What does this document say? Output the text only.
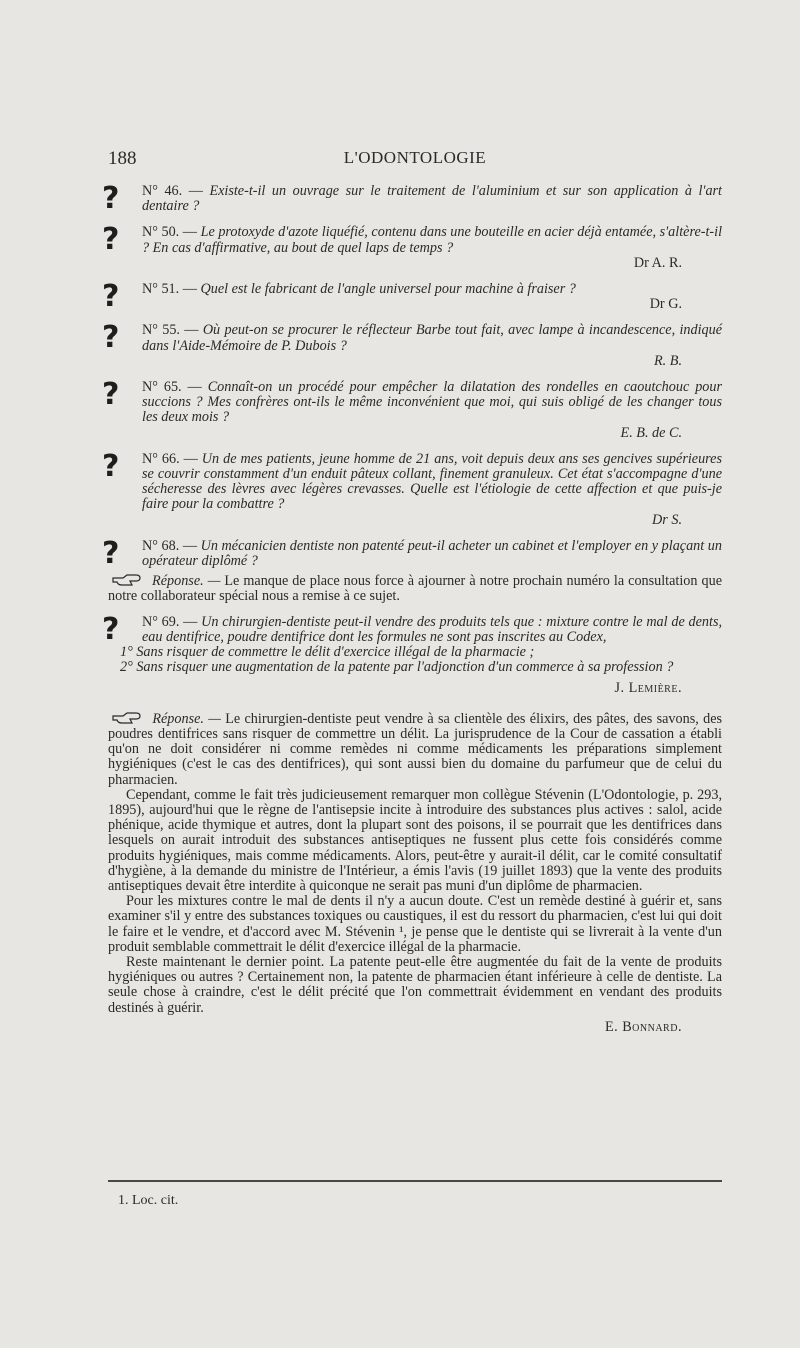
188	L'ODONTOLOGIE
?	N° 46. — Existe-t-il un ouvrage sur le traitement de l'aluminium et sur son application à l'art dentaire ?
?	N° 50. — Le protoxyde d'azote liquéfié, contenu dans une bouteille en acier déjà entamée, s'altère-t-il ? En cas d'affirmative, au bout de quel laps de temps ?
Dr A. R.
?	N° 51. — Quel est le fabricant de l'angle universel pour machine à fraiser ?
Dr G.
?	N° 55. — Où peut-on se procurer le réflecteur Barbe tout fait, avec lampe à incandescence, indiqué dans l'Aide-Mémoire de P. Dubois ?
R. B.
?	N° 65. — Connaît-on un procédé pour empêcher la dilatation des rondelles en caoutchouc pour succions ? Mes confrères ont-ils le même inconvénient que moi, qui suis obligé de les changer tous les deux mois ?
E. B. de C.
?	N° 66. — Un de mes patients, jeune homme de 21 ans, voit depuis deux ans ses gencives supérieures se couvrir constamment d'un enduit pâteux collant, finement granuleux. Cet état s'accompagne d'une sécheresse des lèvres avec légères crevasses. Quelle est l'étiologie de cette affection et que puis-je faire pour la combattre ?
Dr S.
?	N° 68. — Un mécanicien dentiste non patenté peut-il acheter un cabinet et l'employer en y plaçant un opérateur diplômé ?
Réponse. — Le manque de place nous force à ajourner à notre prochain numéro la consultation que notre collaborateur spécial nous a remise à ce sujet.
?	N° 69. — Un chirurgien-dentiste peut-il vendre des produits tels que : mixture contre le mal de dents, eau dentifrice, poudre dentifrice dont les formules ne sont pas inscrites au Codex,

1° Sans risquer de commettre le délit d'exercice illégal de la pharmacie ;

2° Sans risquer une augmentation de la patente par l'adjonction d'un commerce à sa profession ?

J. Lemière.

Réponse. — Le chirurgien-dentiste peut vendre à sa clientèle des élixirs, des pâtes, des savons, des poudres dentifrices sans risquer de commettre un délit. La jurisprudence de la Cour de cassation a établi qu'on ne doit considérer ni comme remèdes ni comme médicaments les préparations simplement hygiéniques (c'est le cas des dentifrices), qui sont aussi bien du domaine du parfumeur que de celui du pharmacien.

Cependant, comme le fait très judicieusement remarquer mon collègue Stévenin (L'Odontologie, p. 293, 1895), aujourd'hui que le règne de l'antisepsie incite à introduire des substances plus actives : salol, acide phénique, acide thymique et autres, dont la plupart sont des poisons, il se pourrait que les dentifrices dans lesquels on aurait introduit des substances antiseptiques ne fussent plus cette fois considérés comme produits hygiéniques, mais comme médicaments. Alors, peut-être y aurait-il délit, car le comité consultatif d'hygiène, à la demande du ministre de l'Intérieur, a émis l'avis (19 juillet 1893) que la vente des produits antiseptiques devait être interdite à quiconque ne serait pas muni d'un diplôme de pharmacien.

Pour les mixtures contre le mal de dents il n'y a aucun doute. C'est un remède destiné à guérir et, sans examiner s'il y entre des substances toxiques ou caustiques, il est du ressort du pharmacien, c'est lui qui doit le faire et le vendre, et d'accord avec M. Stévenin ¹, je pense que le dentiste qui se livrerait à la vente d'un produit semblable commettrait le délit d'exercice illégal de la pharmacie.

Reste maintenant le dernier point. La patente peut-elle être augmentée du fait de la vente de produits hygiéniques ou autres ? Certainement non, la patente de pharmacien étant inférieure à celle de dentiste. La seule chose à craindre, c'est le délit précité que l'on commettrait évidemment en vendant des produits destinés à guérir.

E. Bonnard.
1. Loc. cit.
